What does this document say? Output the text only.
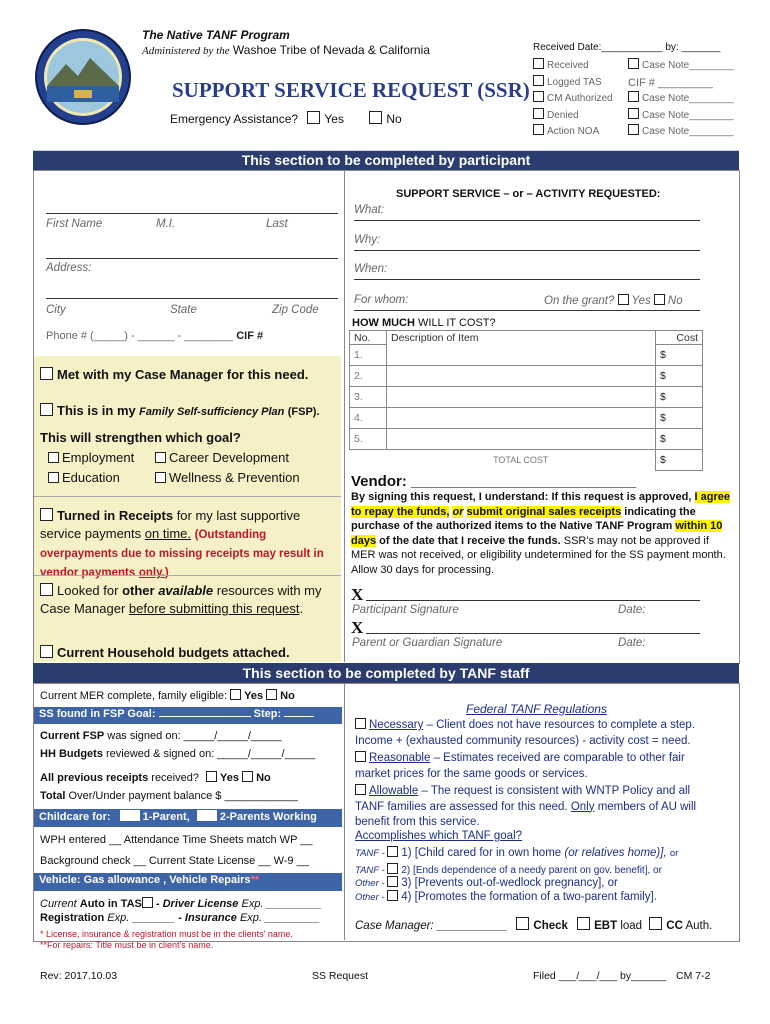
The Native TANF Program
Administered by the Washoe Tribe of Nevada & California
SUPPORT SERVICE REQUEST (SSR)
Emergency Assistance? Yes	No
Received Date:___________ by: _______
Received
Logged TAS
CM Authorized
Denied
Action NOA
Case Note________
CIF # _________
Case Note________
Case Note________
Case Note________
This section to be completed by participant
First Name	M.I.	Last
Address:
City	State	Zip Code
Phone # (_____) - ______ - ________ CIF #
Met with my Case Manager for this need.
This is in my Family Self-sufficiency Plan (FSP).
This will strengthen which goal?
Employment	Career Development
Education	Wellness & Prevention
Turned in Receipts for my last supportive service payments on time. (Outstanding overpayments due to missing receipts may result in vendor payments only.)
Looked for other available resources with my Case Manager before submitting this request.
Current Household budgets attached.
SUPPORT SERVICE – or – ACTIVITY REQUESTED:
What:
Why:
When:
For whom:	On the grant? Yes No
HOW MUCH WILL IT COST?
No.	Description of Item	Cost
1.		$
2.		$
3.		$
4.		$
5.		$
	TOTAL COST	$
Vendor: ___________________________
By signing this request, I understand: If this request is approved, I agree to repay the funds, or submit original sales receipts indicating the purchase of the authorized items to the Native TANF Program within 10 days of the date that I receive the funds. SSR's may not be approved if MER was not received, or eligibility undetermined for the SS payment month. Allow 30 days for processing.
X
Participant Signature	Date:
X
Parent or Guardian Signature	Date:
This section to be completed by TANF staff
Current MER complete, family eligible: Yes No
SS found in FSP Goal:	Step:
Current FSP was signed on: _____/_____/_____
HH Budgets reviewed & signed on: _____/_____/_____
All previous receipts received? Yes No
Total Over/Under payment balance $ ____________
Childcare for:	1-Parent,	2-Parents Working
WPH entered __ Attendance Time Sheets match WP __
Background check __ Current State License __ W-9 __
Vehicle: Gas allowance , Vehicle Repairs**
Current Auto in TAS - Driver License Exp. _________
Registration Exp. _______ - Insurance Exp. _________
* License, insurance & registration must be in the clients' name.
**For repairs: Title must be in client's name.
Federal TANF Regulations
Necessary – Client does not have resources to complete a step. Income + (exhausted community resources) - activity cost = need.
Reasonable – Estimates received are comparable to other fair market prices for the same goods or services.
Allowable – The request is consistent with WNTP Policy and all TANF families are assessed for this need. Only members of AU will benefit from this service.
Accomplishes which TANF goal?
TANF - 1) [Child cared for in own home (or relatives home)], or
TANF - 2) [Ends dependence of a needy parent on gov. benefit], or
Other - 3) [Prevents out-of-wedlock pregnancy], or
Other - 4) [Promotes the formation of a two-parent family].
Case Manager: ___________ Check EBT load CC Auth.
Rev: 2017.10.03	SS Request	Filed ___/___/___ by______ CM 7-2
